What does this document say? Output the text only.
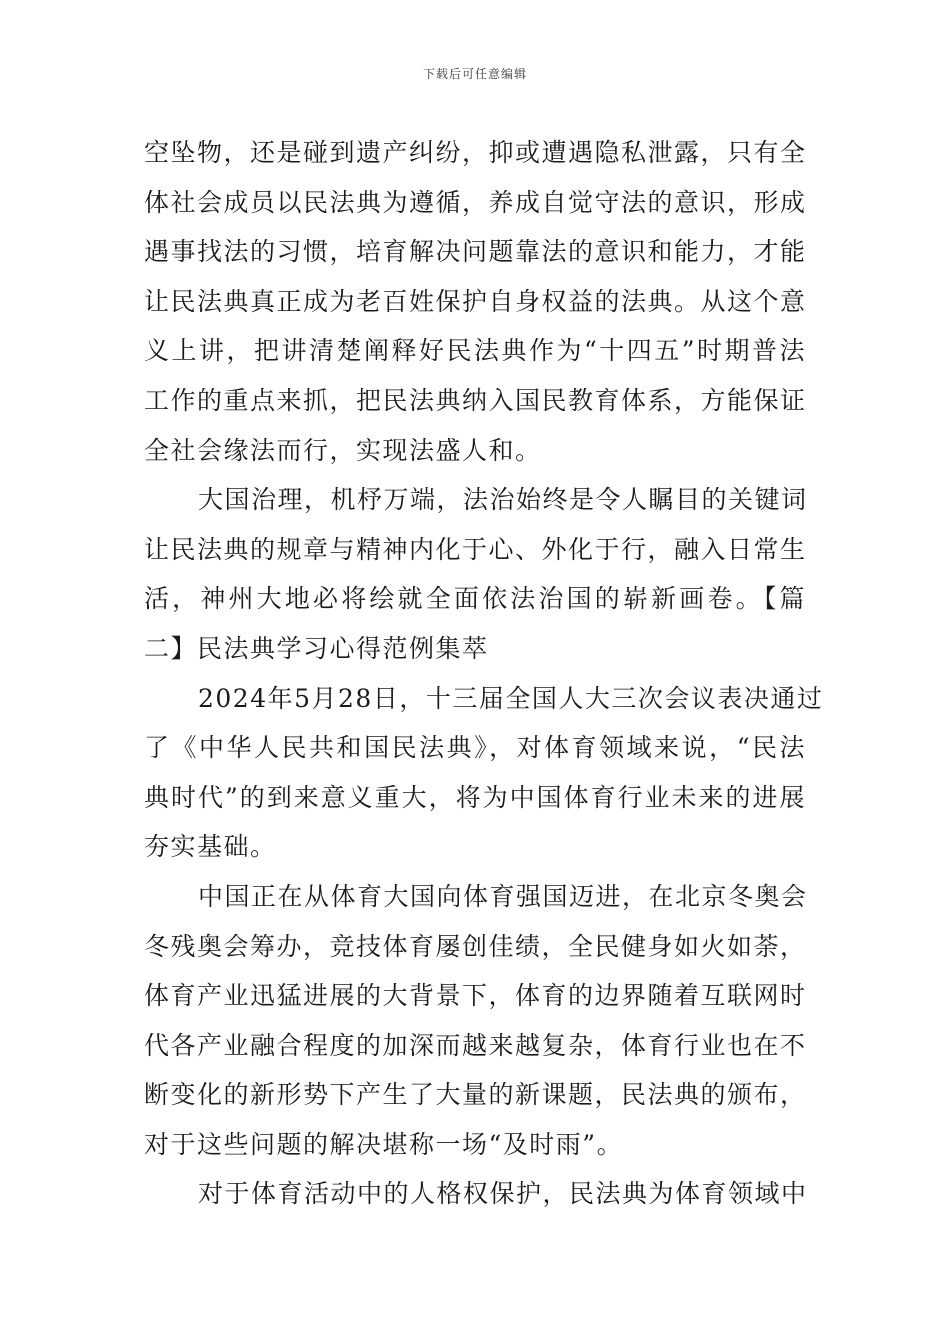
下载后可任意编辑
空坠物，还是碰到遗产纠纷，抑或遭遇隐私泄露，只有全
体社会成员以民法典为遵循，养成自觉守法的意识，形成
遇事找法的习惯，培育解决问题靠法的意识和能力，才能
让民法典真正成为老百姓保护自身权益的法典。从这个意
义上讲，把讲清楚阐释好民法典作为“十四五”时期普法
工作的重点来抓，把民法典纳入国民教育体系，方能保证
全社会缘法而行，实现法盛人和。
大国治理，机杼万端，法治始终是令人瞩目的关键词
让民法典的规章与精神内化于心、外化于行，融入日常生
活，神州大地必将绘就全面依法治国的崭新画卷。【篇
二】民法典学习心得范例集萃
2024年5月28日，十三届全国人大三次会议表决通过
了《中华人民共和国民法典》，对体育领域来说，“民法
典时代”的到来意义重大，将为中国体育行业未来的进展
夯实基础。
中国正在从体育大国向体育强国迈进，在北京冬奥会
冬残奥会筹办，竞技体育屡创佳绩，全民健身如火如荼，
体育产业迅猛进展的大背景下，体育的边界随着互联网时
代各产业融合程度的加深而越来越复杂，体育行业也在不
断变化的新形势下产生了大量的新课题，民法典的颁布，
对于这些问题的解决堪称一场“及时雨”。
对于体育活动中的人格权保护，民法典为体育领域中
